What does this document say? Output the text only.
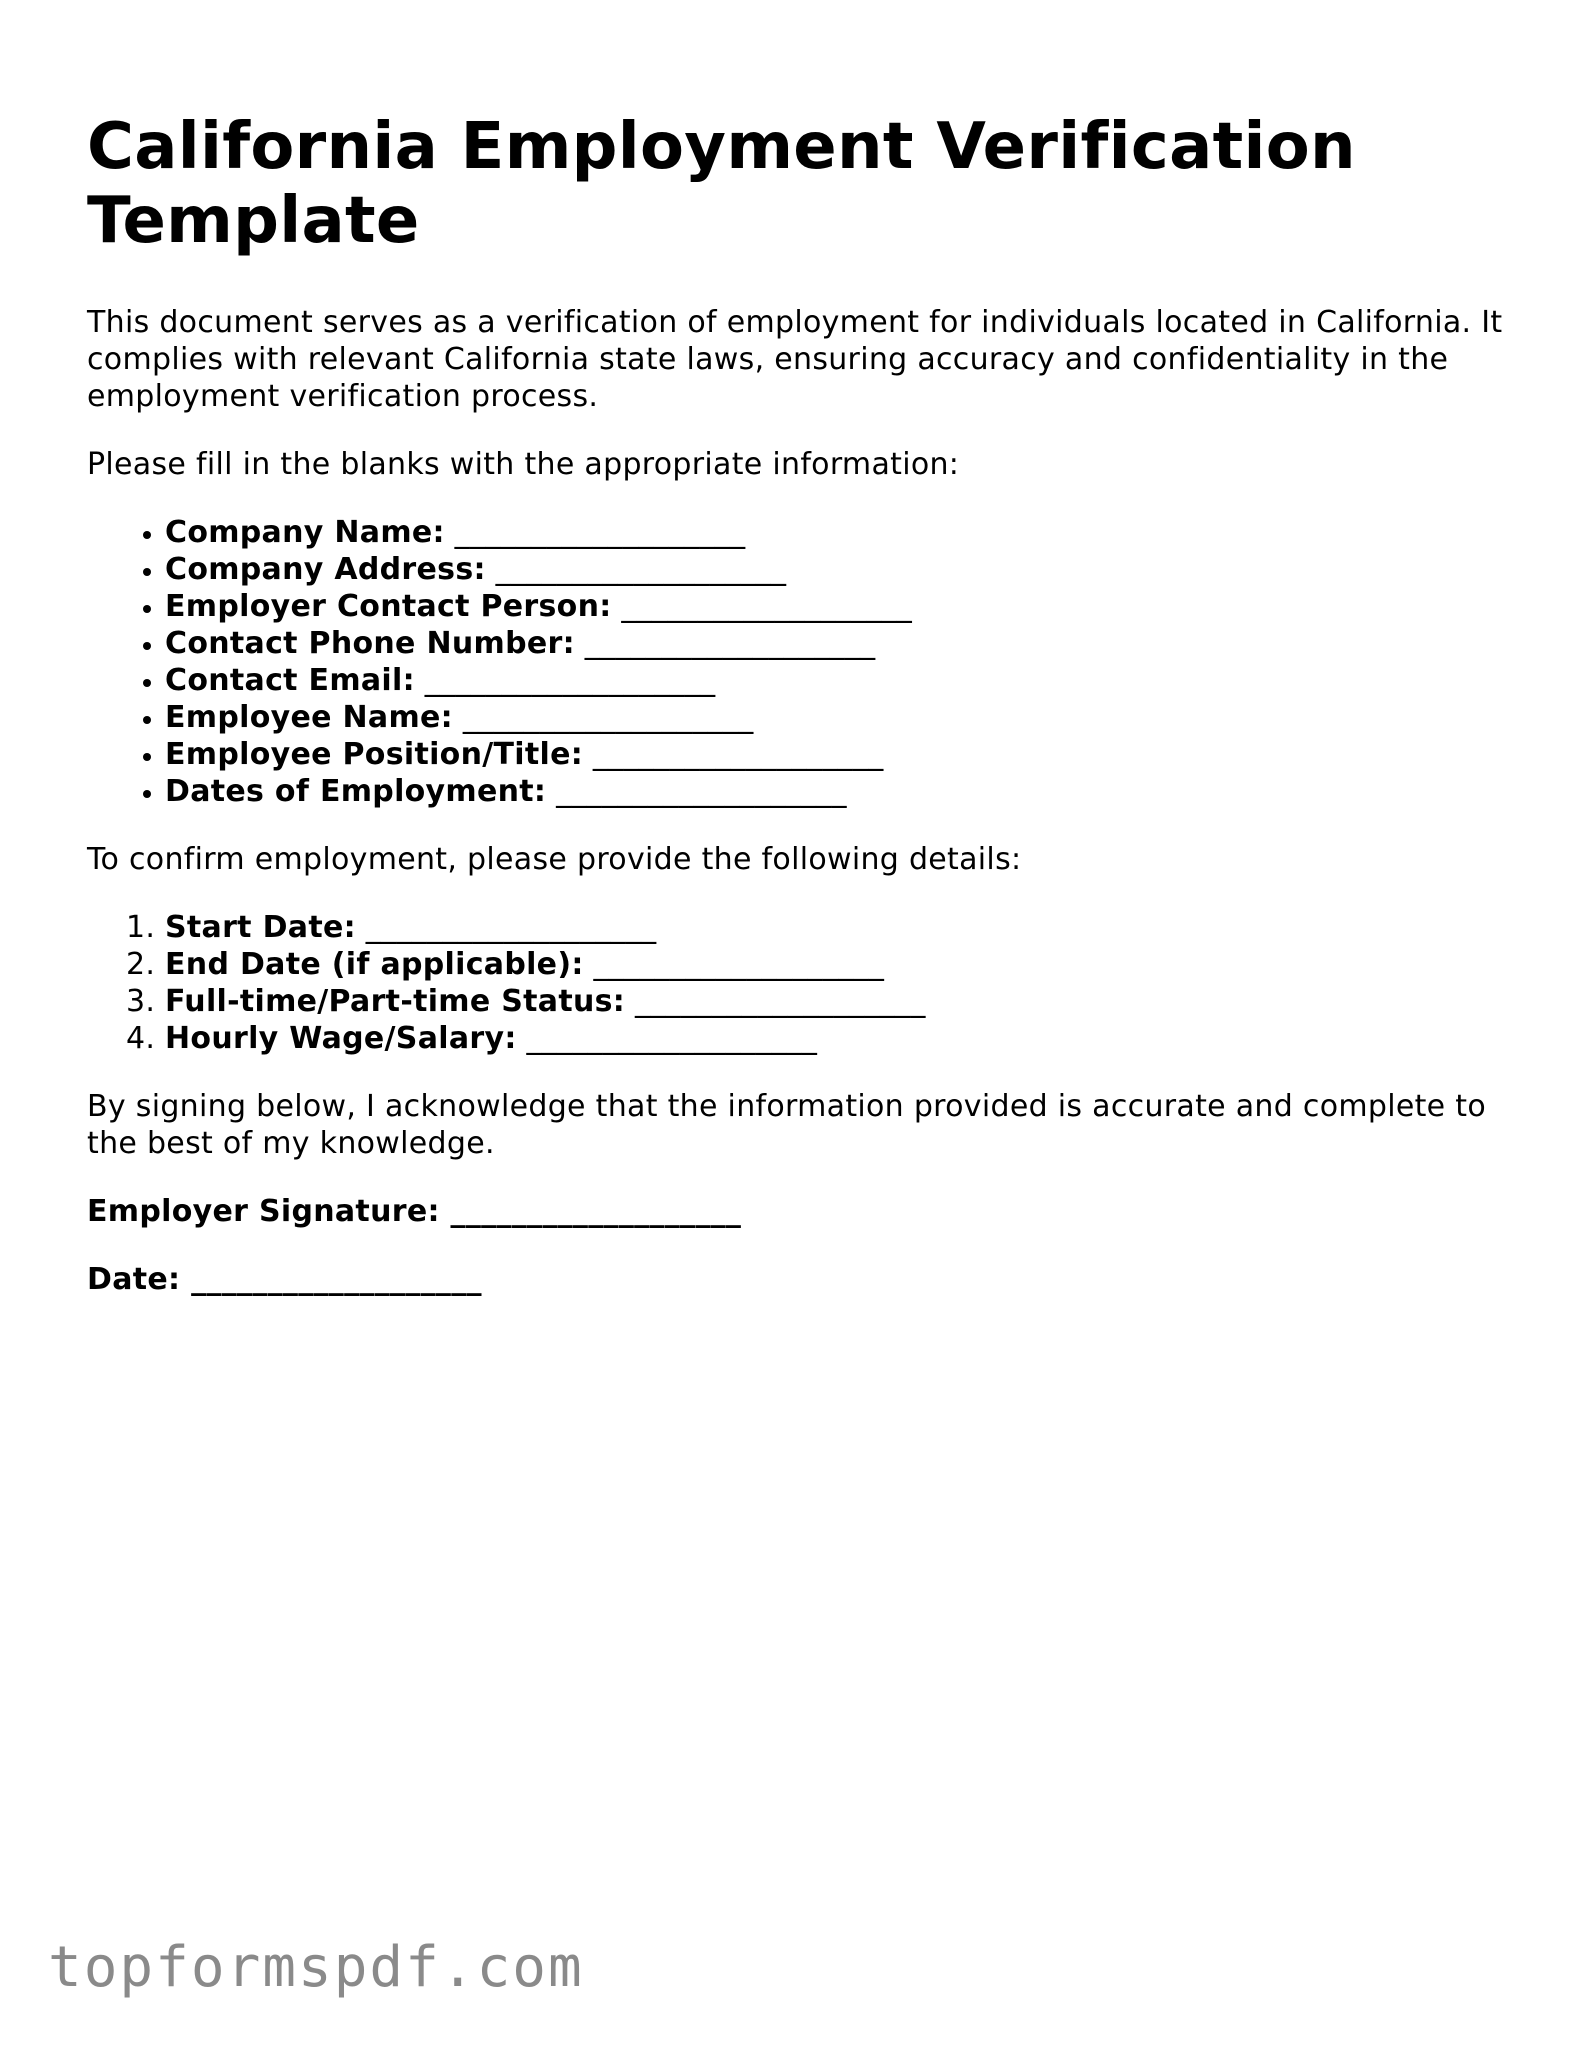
California Employment Verification Template

This document serves as a verification of employment for individuals located in California. It complies with relevant California state laws, ensuring accuracy and confidentiality in the employment verification process.

Please fill in the blanks with the appropriate information:

• Company Name: ___________________
• Company Address: ___________________
• Employer Contact Person: ___________________
• Contact Phone Number: ___________________
• Contact Email: ___________________
• Employee Name: ___________________
• Employee Position/Title: ___________________
• Dates of Employment: ___________________

To confirm employment, please provide the following details:

1. Start Date: ___________________
2. End Date (if applicable): ___________________
3. Full-time/Part-time Status: ___________________
4. Hourly Wage/Salary: ___________________

By signing below, I acknowledge that the information provided is accurate and complete to the best of my knowledge.

Employer Signature: ___________________
Date: ___________________
topformspdf.com
